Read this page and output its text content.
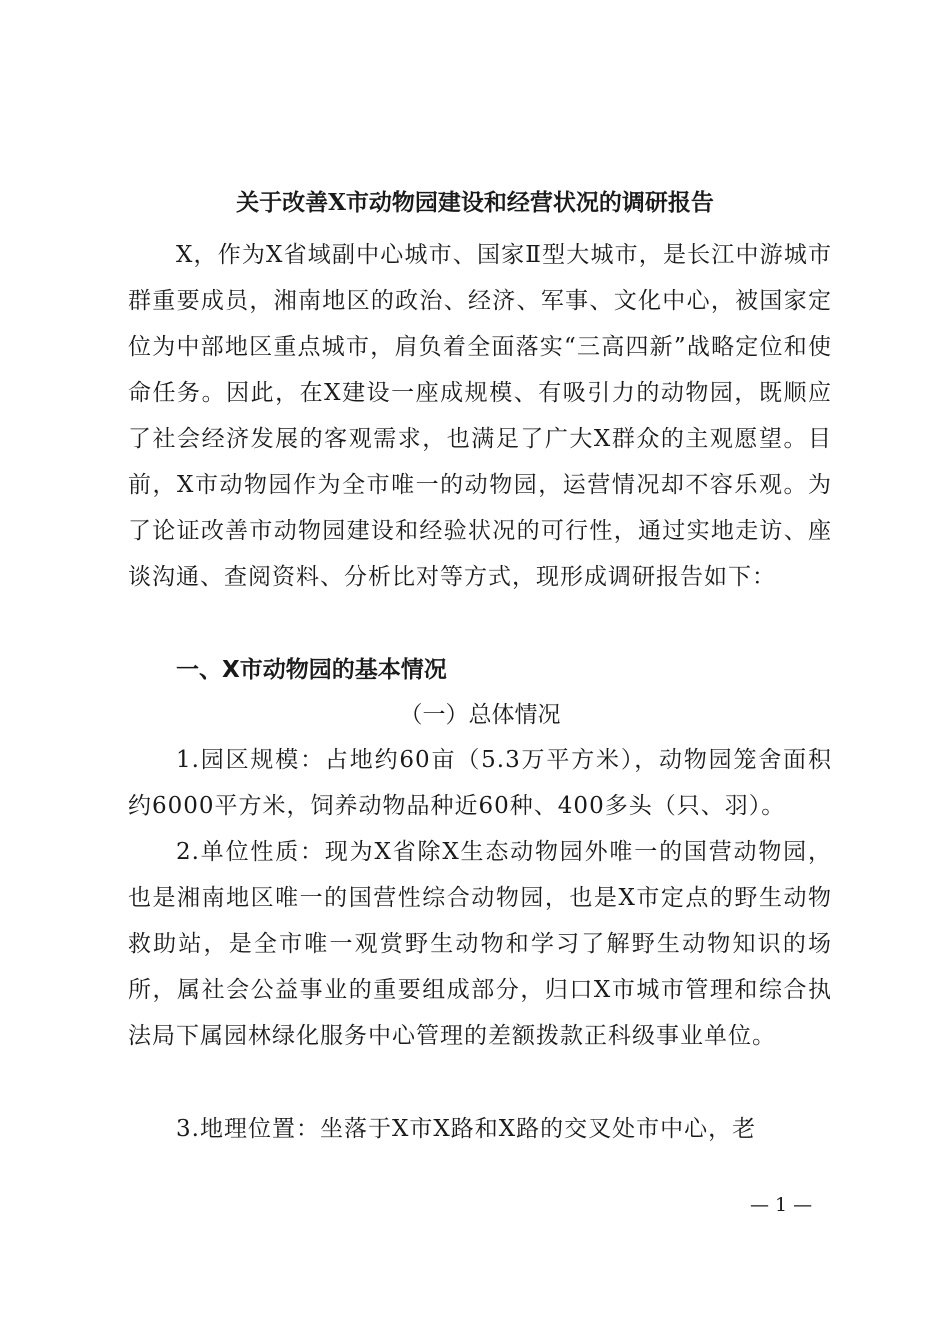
关于改善X市动物园建设和经营状况的调研报告

X，作为X省域副中心城市、国家Ⅱ型大城市，是长江中游城市群重要成员，湘南地区的政治、经济、军事、文化中心，被国家定位为中部地区重点城市，肩负着全面落实“三高四新”战略定位和使命任务。因此，在X建设一座成规模、有吸引力的动物园，既顺应了社会经济发展的客观需求，也满足了广大X群众的主观愿望。目前，X市动物园作为全市唯一的动物园，运营情况却不容乐观。为了论证改善市动物园建设和经验状况的可行性，通过实地走访、座谈沟通、查阅资料、分析比对等方式，现形成调研报告如下：

一、X市动物园的基本情况
（一）总体情况

1.园区规模：占地约60亩（5.3万平方米），动物园笼舍面积约6000平方米，饲养动物品种近60种、400多头（只、羽）。

2.单位性质：现为X省除X生态动物园外唯一的国营动物园，也是湘南地区唯一的国营性综合动物园，也是X市定点的野生动物救助站，是全市唯一观赏野生动物和学习了解野生动物知识的场所，属社会公益事业的重要组成部分，归口X市城市管理和综合执法局下属园林绿化服务中心管理的差额拨款正科级事业单位。

3.地理位置：坐落于X市X路和X路的交叉处市中心，老

— 1 —
